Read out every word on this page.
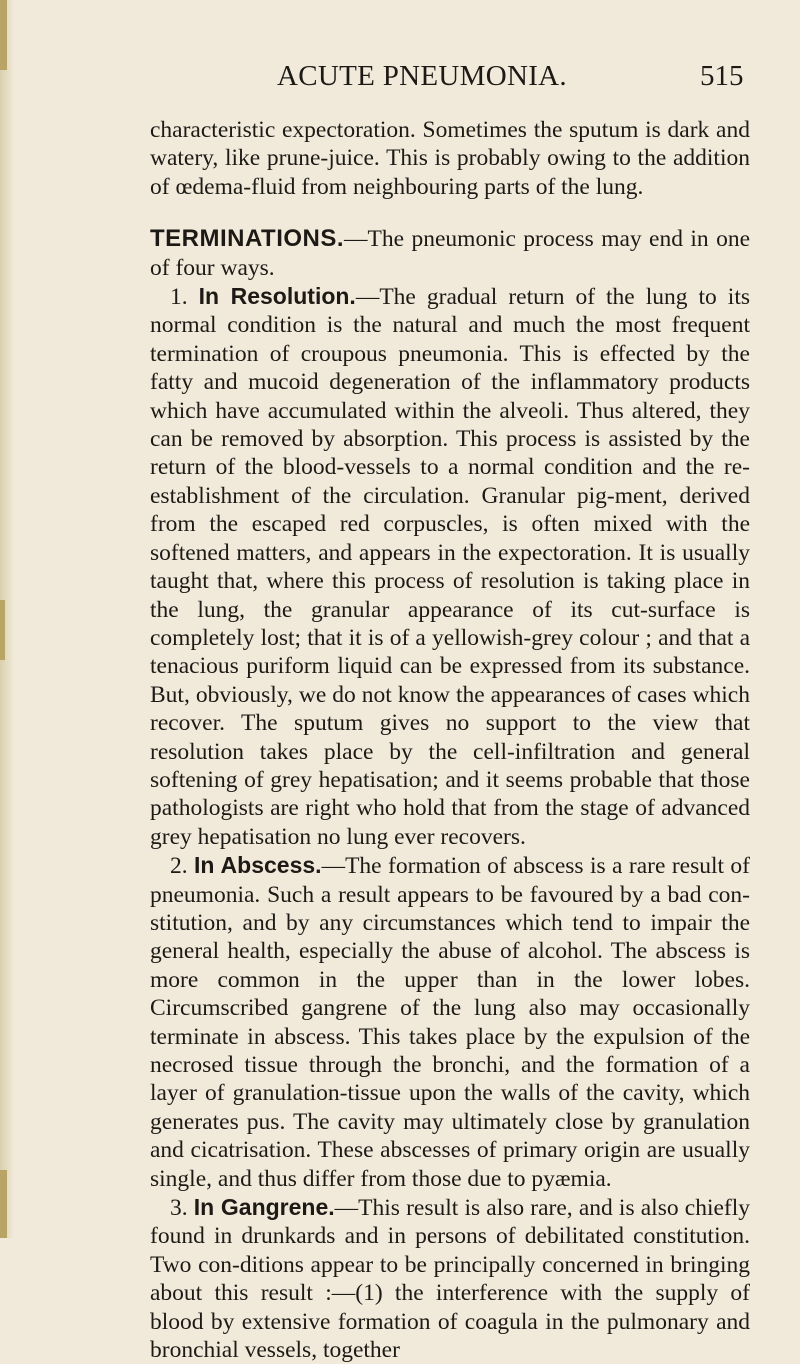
ACUTE PNEUMONIA.	515

characteristic expectoration. Sometimes the sputum is dark and watery, like prune-juice. This is probably owing to the addition of œdema-fluid from neighbouring parts of the lung.

TERMINATIONS.—The pneumonic process may end in one of four ways.

1. In Resolution.—The gradual return of the lung to its normal condition is the natural and much the most frequent termination of croupous pneumonia. This is effected by the fatty and mucoid degeneration of the inflammatory products which have accumulated within the alveoli. Thus altered, they can be removed by absorption. This process is assisted by the return of the blood-vessels to a normal condition and the re-establishment of the circulation. Granular pig-ment, derived from the escaped red corpuscles, is often mixed with the softened matters, and appears in the expectoration. It is usually taught that, where this process of resolution is taking place in the lung, the granular appearance of its cut-surface is completely lost; that it is of a yellowish-grey colour ; and that a tenacious puriform liquid can be expressed from its substance. But, obviously, we do not know the appearances of cases which recover. The sputum gives no support to the view that resolution takes place by the cell-infiltration and general softening of grey hepatisation; and it seems probable that those pathologists are right who hold that from the stage of advanced grey hepatisation no lung ever recovers.

2. In Abscess.—The formation of abscess is a rare result of pneumonia. Such a result appears to be favoured by a bad con-stitution, and by any circumstances which tend to impair the general health, especially the abuse of alcohol. The abscess is more common in the upper than in the lower lobes. Circumscribed gangrene of the lung also may occasionally terminate in abscess. This takes place by the expulsion of the necrosed tissue through the bronchi, and the formation of a layer of granulation-tissue upon the walls of the cavity, which generates pus. The cavity may ultimately close by granulation and cicatrisation. These abscesses of primary origin are usually single, and thus differ from those due to pyæmia.

3. In Gangrene.—This result is also rare, and is also chiefly found in drunkards and in persons of debilitated constitution. Two con-ditions appear to be principally concerned in bringing about this result :—(1) the interference with the supply of blood by extensive formation of coagula in the pulmonary and bronchial vessels, together
